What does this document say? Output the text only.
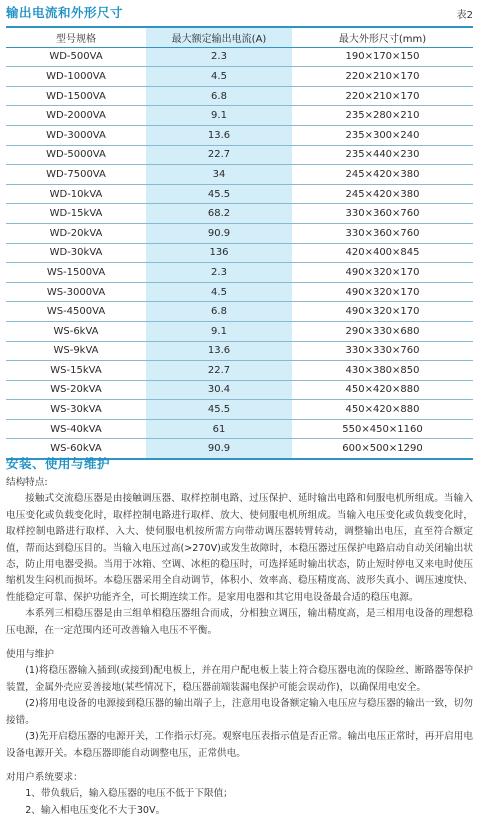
输出电流和外形尺寸	表2
型号规格	最大额定输出电流(A)	最大外形尺寸(mm)
WD-500VA	2.3	190×170×150
WD-1000VA	4.5	220×210×170
WD-1500VA	6.8	220×210×170
WD-2000VA	9.1	235×280×210
WD-3000VA	13.6	235×300×240
WD-5000VA	22.7	235×440×230
WD-7500VA	34	245×420×380
WD-10kVA	45.5	245×420×380
WD-15kVA	68.2	330×360×760
WD-20kVA	90.9	330×360×760
WD-30kVA	136	420×400×845
WS-1500VA	2.3	490×320×170
WS-3000VA	4.5	490×320×170
WS-4500VA	6.8	490×320×170
WS-6kVA	9.1	290×330×680
WS-9kVA	13.6	330×330×760
WS-15kVA	22.7	430×380×850
WS-20kVA	30.4	450×420×880
WS-30kVA	45.5	450×420×880
WS-40kVA	61	550×450×1160
WS-60kVA	90.9	600×500×1290
安装、使用与维护

结构特点:

接触式交流稳压器是由接触调压器、取样控制电路、过压保护、延时输出电路和伺服电机所组成。当输入电压变化或负载变化时，取样控制电路进行取样、放大、使伺服电机所组成。当输入电压变化或负载变化时，取样控制电路进行取样、入大、使伺服电机按所需方向带动调压器转臂转动，调整输出电压，直至符合额定值，帮而达到稳压目的。当输入电压过高(>270V)或发生故障时，本稳压器过压保护电路启动自动关闭输出状态，防止用电器受损。当用于冰箱、空调、冰柜的稳压时，可选择延时输出状态，防止短时停电又来电时使压缩机发生闷机而损坏。本稳压器采用全自动调节，体积小、效率高、稳压精度高、波形失真小、调压速度快、性能稳定可靠、保护功能齐全，可长期连续工作。是家用电器和其它用电设备最合适的稳压电源。

本系列三相稳压器是由三组单相稳压器组合而成，分相独立调压，输出精度高，是三相用电设备的理想稳压电源，在一定范围内还可改善输入电压不平衡。

使用与维护

(1)将稳压器输入插到(或接到)配电板上，并在用户配电板上装上符合稳压器电流的保险丝、断路器等保护装置，金属外壳应妥善接地(某些情况下，稳压器前端装漏电保护可能会误动作)，以确保用电安全。

(2)将用电设备的电源接到稳压器的输出端子上，注意用电设备额定输入电压应与稳压器的输出一致，切勿接错。

(3)先开启稳压器的电源开关，工作指示灯亮。观察电压表指示值是否正常。输出电压正常时，再开启用电设备电源开关。本稳压器即能自动调整电压，正常供电。

对用户系统要求：

1、带负载后，输入稳压器的电压不低于下限值；

2、输入相电压变化不大于30V。
